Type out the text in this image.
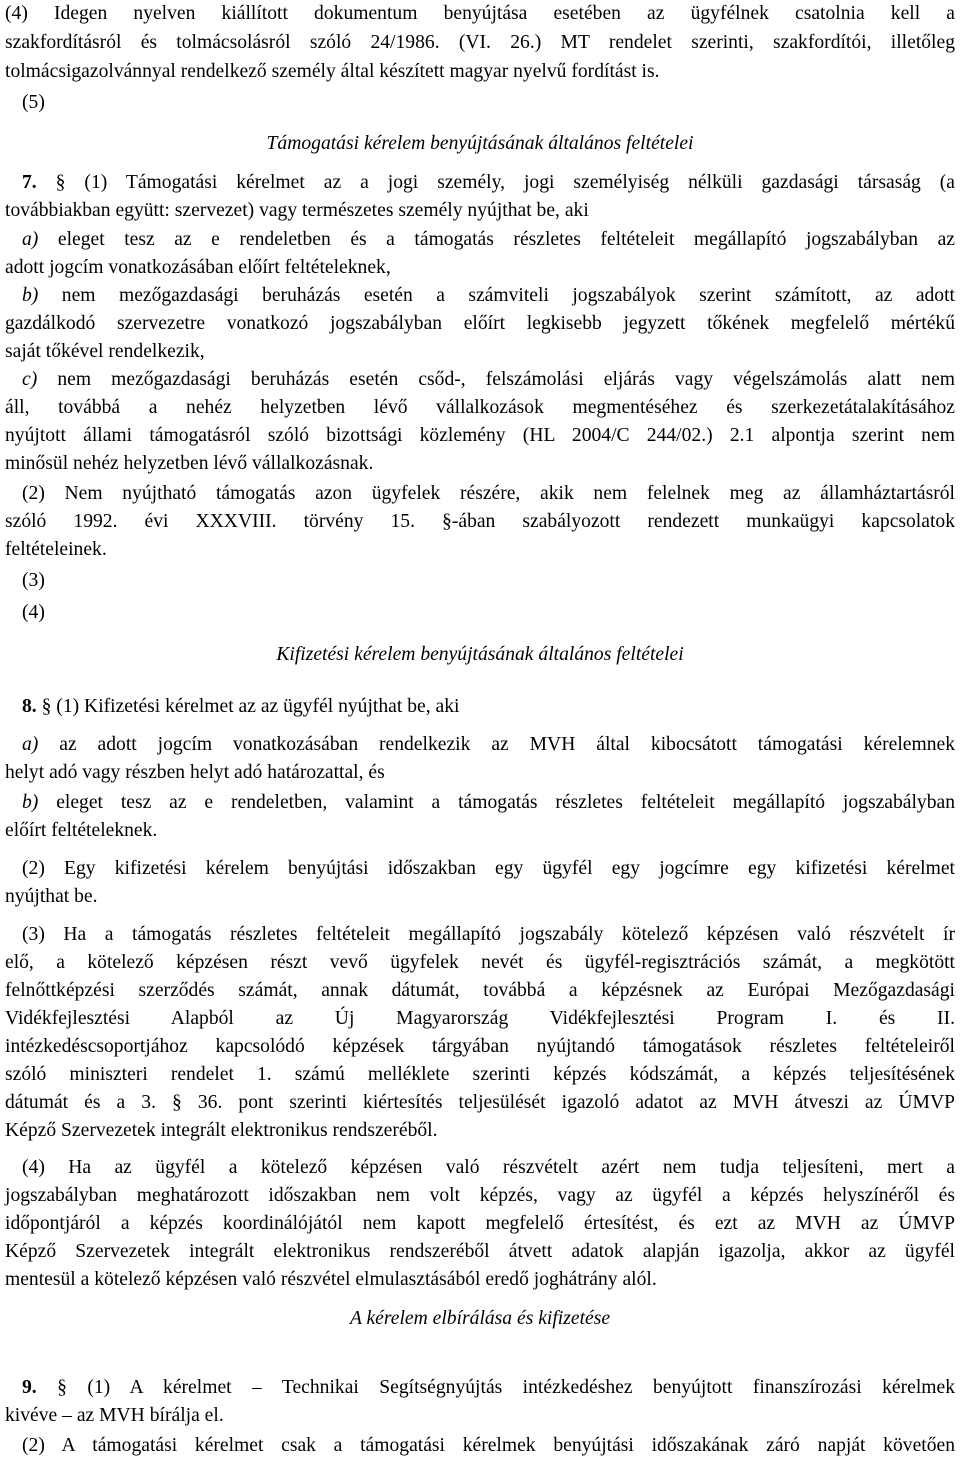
(4) Idegen nyelven kiállított dokumentum benyújtása esetében az ügyfélnek csatolnia kell a
szakfordításról és tolmácsolásról szóló 24/1986. (VI. 26.) MT rendelet szerinti, szakfordítói, illetőleg
tolmácsigazolvánnyal rendelkező személy által készített magyar nyelvű fordítást is.
(5)
Támogatási kérelem benyújtásának általános feltételei
7. § (1) Támogatási kérelmet az a jogi személy, jogi személyiség nélküli gazdasági társaság (a
továbbiakban együtt: szervezet) vagy természetes személy nyújthat be, aki
a) eleget tesz az e rendeletben és a támogatás részletes feltételeit megállapító jogszabályban az
adott jogcím vonatkozásában előírt feltételeknek,
b) nem mezőgazdasági beruházás esetén a számviteli jogszabályok szerint számított, az adott
gazdálkodó szervezetre vonatkozó jogszabályban előírt legkisebb jegyzett tőkének megfelelő mértékű
saját tőkével rendelkezik,
c) nem mezőgazdasági beruházás esetén csőd-, felszámolási eljárás vagy végelszámolás alatt nem
áll, továbbá a nehéz helyzetben lévő vállalkozások megmentéséhez és szerkezetátalakításához
nyújtott állami támogatásról szóló bizottsági közlemény (HL 2004/C 244/02.) 2.1 alpontja szerint nem
minősül nehéz helyzetben lévő vállalkozásnak.
(2) Nem nyújtható támogatás azon ügyfelek részére, akik nem felelnek meg az államháztartásról
szóló 1992. évi XXXVIII. törvény 15. §-ában szabályozott rendezett munkaügyi kapcsolatok
feltételeinek.
(3)
(4)
Kifizetési kérelem benyújtásának általános feltételei
8. § (1) Kifizetési kérelmet az az ügyfél nyújthat be, aki
a) az adott jogcím vonatkozásában rendelkezik az MVH által kibocsátott támogatási kérelemnek
helyt adó vagy részben helyt adó határozattal, és
b) eleget tesz az e rendeletben, valamint a támogatás részletes feltételeit megállapító jogszabályban
előírt feltételeknek.
(2) Egy kifizetési kérelem benyújtási időszakban egy ügyfél egy jogcímre egy kifizetési kérelmet
nyújthat be.
(3) Ha a támogatás részletes feltételeit megállapító jogszabály kötelező képzésen való részvételt ír
elő, a kötelező képzésen részt vevő ügyfelek nevét és ügyfél-regisztrációs számát, a megkötött
felnőttképzési szerződés számát, annak dátumát, továbbá a képzésnek az Európai Mezőgazdasági
Vidékfejlesztési Alapból az Új Magyarország Vidékfejlesztési Program I. és II.
intézkedéscsoportjához kapcsolódó képzések tárgyában nyújtandó támogatások részletes feltételeiről
szóló miniszteri rendelet 1. számú melléklete szerinti képzés kódszámát, a képzés teljesítésének
dátumát és a 3. § 36. pont szerinti kiértesítés teljesülését igazoló adatot az MVH átveszi az ÚMVP
Képző Szervezetek integrált elektronikus rendszeréből.
(4) Ha az ügyfél a kötelező képzésen való részvételt azért nem tudja teljesíteni, mert a
jogszabályban meghatározott időszakban nem volt képzés, vagy az ügyfél a képzés helyszínéről és
időpontjáról a képzés koordinálójától nem kapott megfelelő értesítést, és ezt az MVH az ÚMVP
Képző Szervezetek integrált elektronikus rendszeréből átvett adatok alapján igazolja, akkor az ügyfél
mentesül a kötelező képzésen való részvétel elmulasztásából eredő joghátrány alól.
A kérelem elbírálása és kifizetése
9. § (1) A kérelmet – Technikai Segítségnyújtás intézkedéshez benyújtott finanszírozási kérelmek
kivéve – az MVH bírálja el.
(2) A támogatási kérelmet csak a támogatási kérelmek benyújtási időszakának záró napját követően
